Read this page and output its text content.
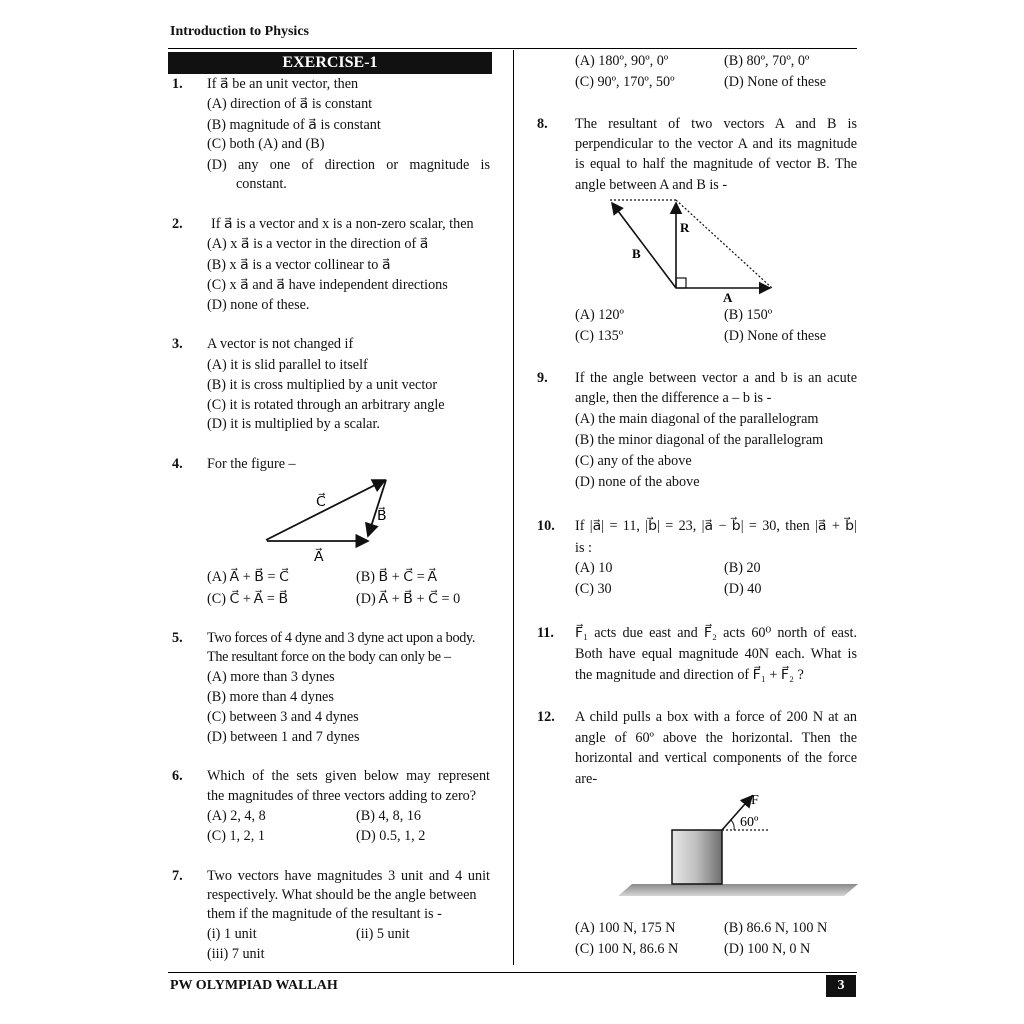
Introduction to Physics
EXERCISE-1
1. If a⃗ be an unit vector, then
(A) direction of a⃗ is constant
(B) magnitude of a⃗ is constant
(C) both (A) and (B)
(D) any one of direction or magnitude is
constant.
2. If a⃗ is a vector and x is a non-zero scalar, then
(A) x a⃗ is a vector in the direction of a⃗
(B) x a⃗ is a vector collinear to a⃗
(C) x a⃗ and a⃗ have independent directions
(D) none of these.
3. A vector is not changed if
(A) it is slid parallel to itself
(B) it is cross multiplied by a unit vector
(C) it is rotated through an arbitrary angle
(D) it is multiplied by a scalar.
4. For the figure –
C⃗
B⃗
A⃗
(A) A⃗ + B⃗ = C⃗	(B) B⃗ + C⃗ = A⃗
(C) C⃗ + A⃗ = B⃗	(D) A⃗ + B⃗ + C⃗ = 0
5. Two forces of 4 dyne and 3 dyne act upon a body.
The resultant force on the body can only be –
(A) more than 3 dynes
(B) more than 4 dynes
(C) between 3 and 4 dynes
(D) between 1 and 7 dynes
6. Which of the sets given below may represent
the magnitudes of three vectors adding to zero?
(A) 2, 4, 8	(B) 4, 8, 16
(C) 1, 2, 1	(D) 0.5, 1, 2
7. Two vectors have magnitudes 3 unit and 4 unit
respectively. What should be the angle between
them if the magnitude of the resultant is -
(i) 1 unit	(ii) 5 unit
(iii) 7 unit
(A) 180º, 90º, 0º	(B) 80º, 70º, 0º
(C) 90º, 170º, 50º	(D) None of these
8. The resultant of two vectors A and B is
perpendicular to the vector A and its magnitude
is equal to half the magnitude of vector B. The
angle between A and B is -
R
B
A
(A) 120º	(B) 150º
(C) 135º	(D) None of these
9. If the angle between vector a and b is an acute
angle, then the difference a – b is -
(A) the main diagonal of the parallelogram
(B) the minor diagonal of the parallelogram
(C) any of the above
(D) none of the above
10. If |a⃗| = 11, |b⃗| = 23, |a⃗ − b⃗| = 30, then |a⃗ + b⃗|
is :
(A) 10	(B) 20
(C) 30	(D) 40
11. F⃗₁ acts due east and F⃗₂ acts 60⁰ north of east.
Both have equal magnitude 40N each. What is
the magnitude and direction of F⃗₁ + F⃗₂ ?
12. A child pulls a box with a force of 200 N at an
angle of 60º above the horizontal. Then the
horizontal and vertical components of the force
are-
F
60º
(A) 100 N, 175 N	(B) 86.6 N, 100 N
(C) 100 N, 86.6 N	(D) 100 N, 0 N
PW OLYMPIAD WALLAH	3
